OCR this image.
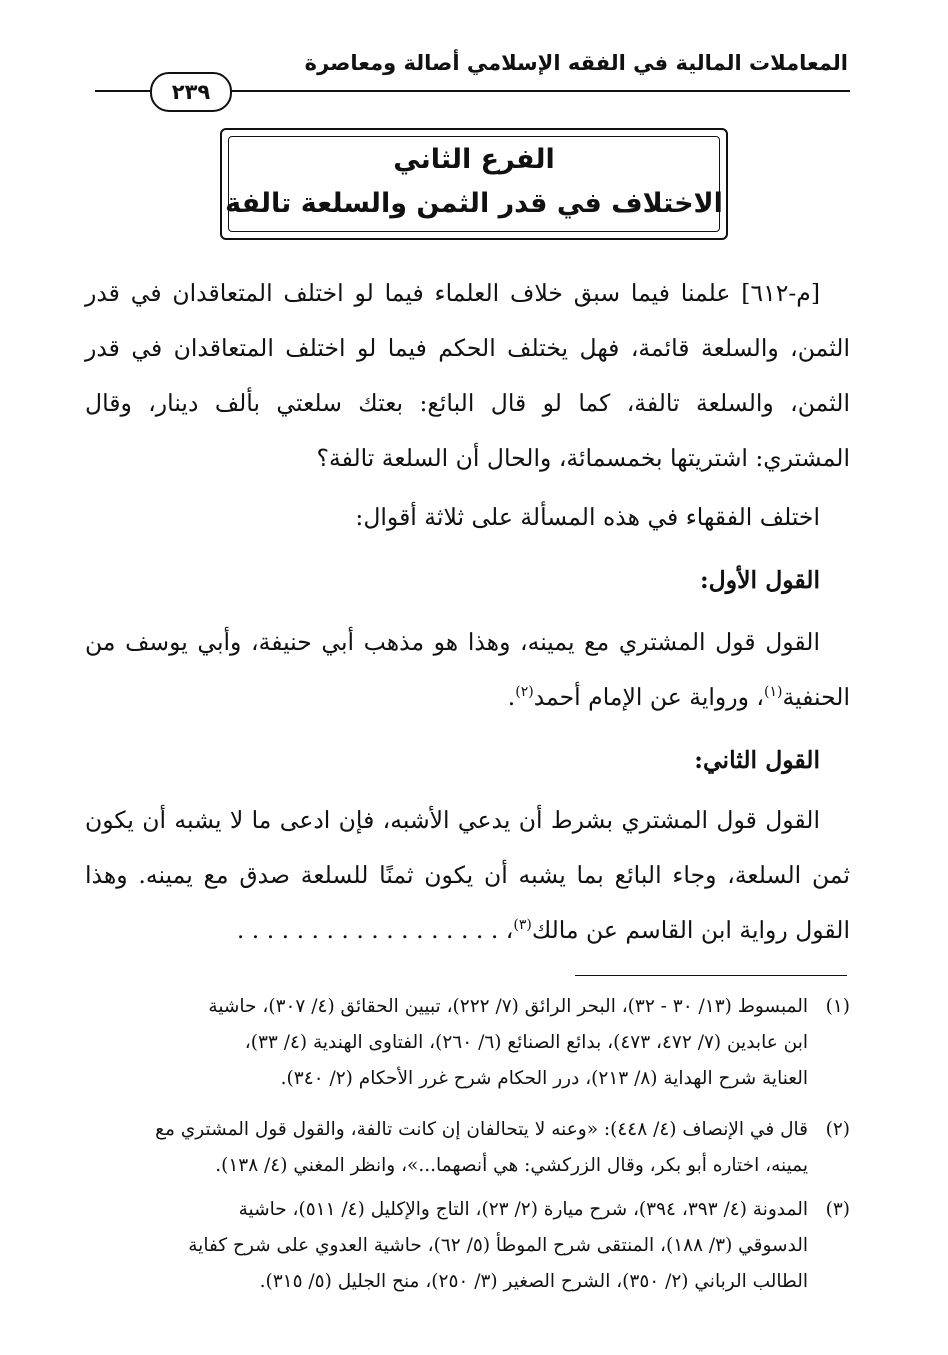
المعاملات المالية في الفقه الإسلامي أصالة ومعاصرة
٢٣٩
الفرع الثاني
الاختلاف في قدر الثمن والسلعة تالفة
[م-٦١٢] علمنا فيما سبق خلاف العلماء فيما لو اختلف المتعاقدان في قدر
الثمن، والسلعة قائمة، فهل يختلف الحكم فيما لو اختلف المتعاقدان في قدر
الثمن، والسلعة تالفة، كما لو قال البائع: بعتك سلعتي بألف دينار، وقال
المشتري: اشتريتها بخمسمائة، والحال أن السلعة تالفة؟
اختلف الفقهاء في هذه المسألة على ثلاثة أقوال:
القول الأول:
القول قول المشتري مع يمينه، وهذا هو مذهب أبي حنيفة، وأبي يوسف من
الحنفية$^{(١)}$، ورواية عن الإمام أحمد$^{(٢)}$.
القول الثاني:
القول قول المشتري بشرط أن يدعي الأشبه، فإن ادعى ما لا يشبه أن يكون
ثمن السلعة، وجاء البائع بما يشبه أن يكون ثمنًا للسلعة صدق مع يمينه. وهذا
القول رواية ابن القاسم عن مالك$^{(٣)}$، . . . . . . . . . . . . . . . . . .
(١)
المبسوط (١٣/ ٣٠ - ٣٢)، البحر الرائق (٧/ ٢٢٢)، تبيين الحقائق (٤/ ٣٠٧)، حاشية
ابن عابدين (٧/ ٤٧٢، ٤٧٣)، بدائع الصنائع (٦/ ٢٦٠)، الفتاوى الهندية (٤/ ٣٣)،
العناية شرح الهداية (٨/ ٢١٣)، درر الحكام شرح غرر الأحكام (٢/ ٣٤٠).
(٢)
قال في الإنصاف (٤/ ٤٤٨): «وعنه لا يتحالفان إن كانت تالفة، والقول قول المشتري مع
يمينه، اختاره أبو بكر، وقال الزركشي: هي أنصهما...»، وانظر المغني (٤/ ١٣٨).
(٣)
المدونة (٤/ ٣٩٣، ٣٩٤)، شرح ميارة (٢/ ٢٣)، التاج والإكليل (٤/ ٥١١)، حاشية
الدسوقي (٣/ ١٨٨)، المنتقى شرح الموطأ (٥/ ٦٢)، حاشية العدوي على شرح كفاية
الطالب الرباني (٢/ ٣٥٠)، الشرح الصغير (٣/ ٢٥٠)، منح الجليل (٥/ ٣١٥).
